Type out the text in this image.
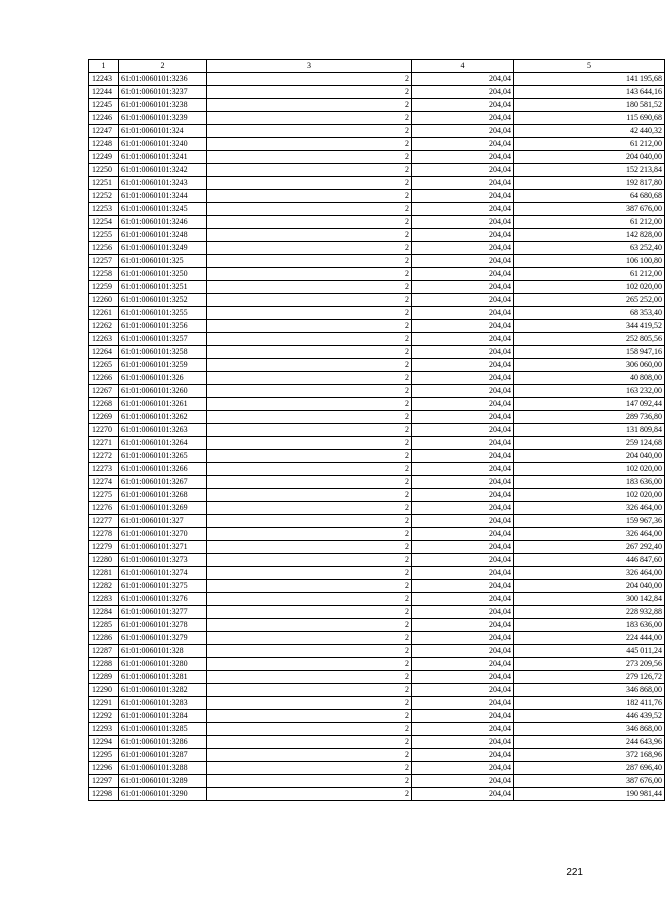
1	2	3	4	5
12243	61:01:0060101:3236	2	204,04	141 195,68
12244	61:01:0060101:3237	2	204,04	143 644,16
12245	61:01:0060101:3238	2	204,04	180 581,52
12246	61:01:0060101:3239	2	204,04	115 690,68
12247	61:01:0060101:324	2	204,04	42 440,32
12248	61:01:0060101:3240	2	204,04	61 212,00
12249	61:01:0060101:3241	2	204,04	204 040,00
12250	61:01:0060101:3242	2	204,04	152 213,84
12251	61:01:0060101:3243	2	204,04	192 817,80
12252	61:01:0060101:3244	2	204,04	64 680,68
12253	61:01:0060101:3245	2	204,04	387 676,00
12254	61:01:0060101:3246	2	204,04	61 212,00
12255	61:01:0060101:3248	2	204,04	142 828,00
12256	61:01:0060101:3249	2	204,04	63 252,40
12257	61:01:0060101:325	2	204,04	106 100,80
12258	61:01:0060101:3250	2	204,04	61 212,00
12259	61:01:0060101:3251	2	204,04	102 020,00
12260	61:01:0060101:3252	2	204,04	265 252,00
12261	61:01:0060101:3255	2	204,04	68 353,40
12262	61:01:0060101:3256	2	204,04	344 419,52
12263	61:01:0060101:3257	2	204,04	252 805,56
12264	61:01:0060101:3258	2	204,04	158 947,16
12265	61:01:0060101:3259	2	204,04	306 060,00
12266	61:01:0060101:326	2	204,04	40 808,00
12267	61:01:0060101:3260	2	204,04	163 232,00
12268	61:01:0060101:3261	2	204,04	147 092,44
12269	61:01:0060101:3262	2	204,04	289 736,80
12270	61:01:0060101:3263	2	204,04	131 809,84
12271	61:01:0060101:3264	2	204,04	259 124,68
12272	61:01:0060101:3265	2	204,04	204 040,00
12273	61:01:0060101:3266	2	204,04	102 020,00
12274	61:01:0060101:3267	2	204,04	183 636,00
12275	61:01:0060101:3268	2	204,04	102 020,00
12276	61:01:0060101:3269	2	204,04	326 464,00
12277	61:01:0060101:327	2	204,04	159 967,36
12278	61:01:0060101:3270	2	204,04	326 464,00
12279	61:01:0060101:3271	2	204,04	267 292,40
12280	61:01:0060101:3273	2	204,04	446 847,60
12281	61:01:0060101:3274	2	204,04	326 464,00
12282	61:01:0060101:3275	2	204,04	204 040,00
12283	61:01:0060101:3276	2	204,04	300 142,84
12284	61:01:0060101:3277	2	204,04	228 932,88
12285	61:01:0060101:3278	2	204,04	183 636,00
12286	61:01:0060101:3279	2	204,04	224 444,00
12287	61:01:0060101:328	2	204,04	445 011,24
12288	61:01:0060101:3280	2	204,04	273 209,56
12289	61:01:0060101:3281	2	204,04	279 126,72
12290	61:01:0060101:3282	2	204,04	346 868,00
12291	61:01:0060101:3283	2	204,04	182 411,76
12292	61:01:0060101:3284	2	204,04	446 439,52
12293	61:01:0060101:3285	2	204,04	346 868,00
12294	61:01:0060101:3286	2	204,04	244 643,96
12295	61:01:0060101:3287	2	204,04	372 168,96
12296	61:01:0060101:3288	2	204,04	287 696,40
12297	61:01:0060101:3289	2	204,04	387 676,00
12298	61:01:0060101:3290	2	204,04	190 981,44
221
